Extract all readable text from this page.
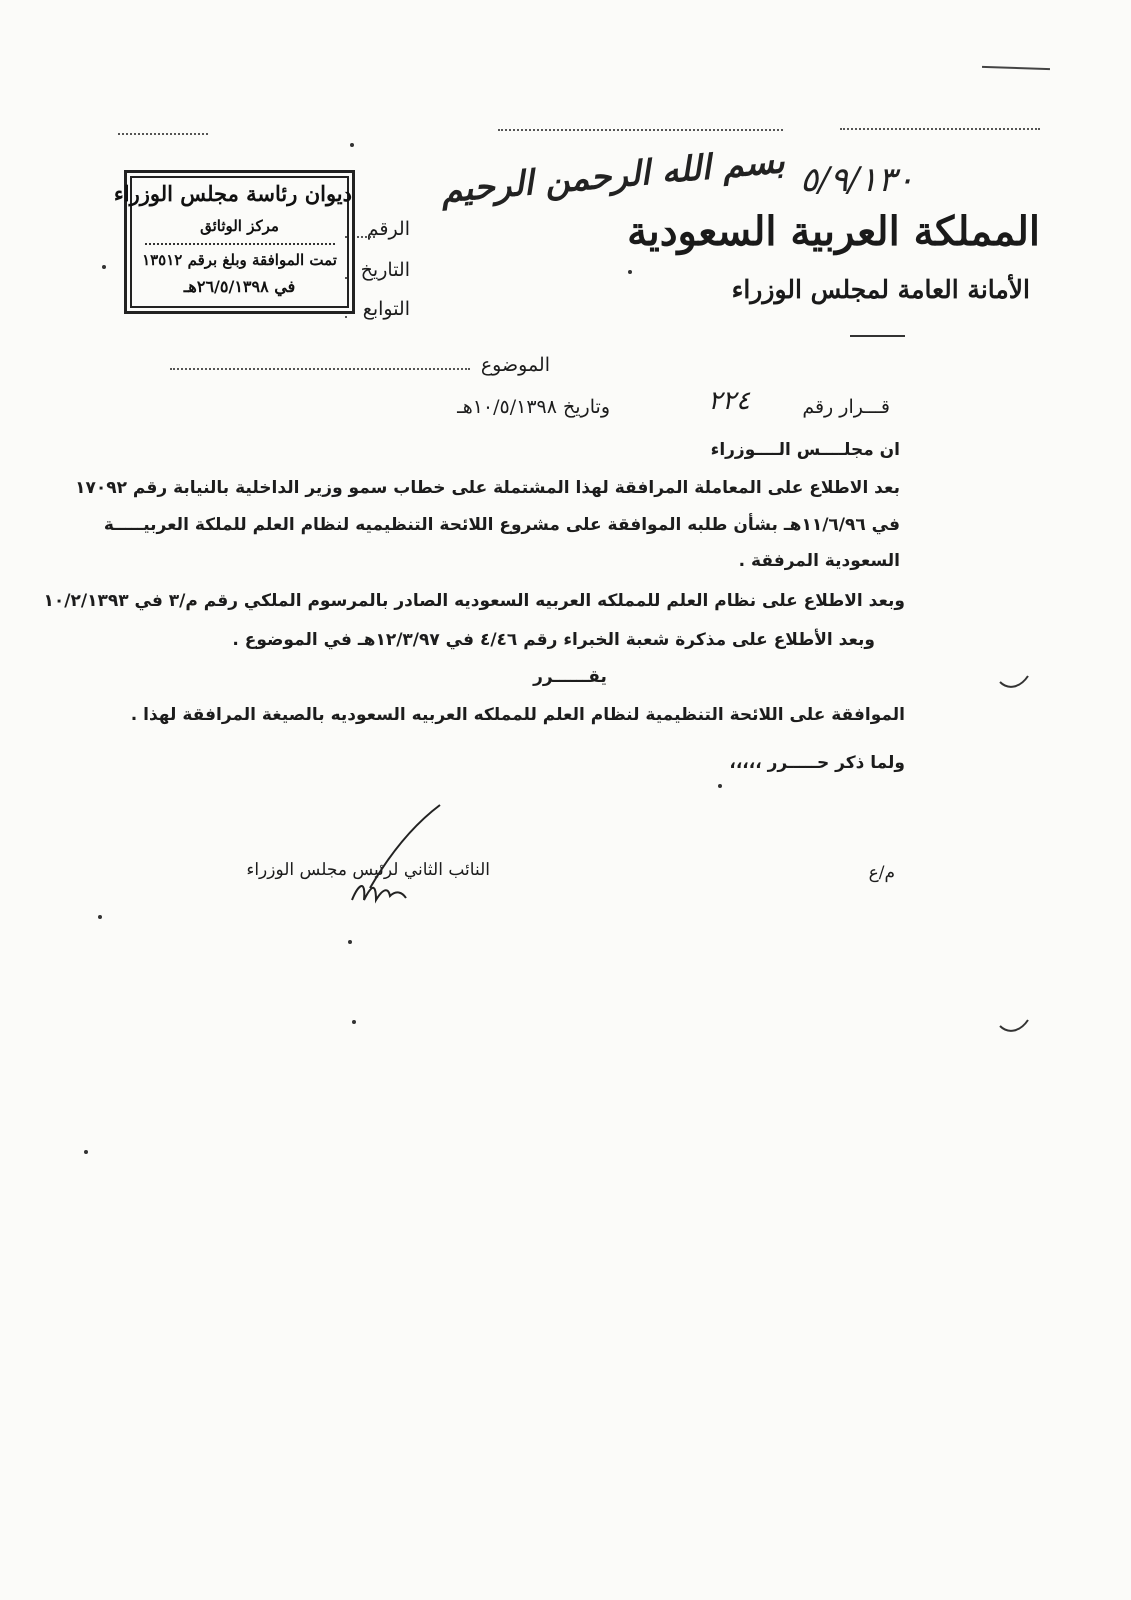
بسم الله الرحمن الرحيم ٥/٩/١٣٠
المملكة العربية السعودية
الأمانة العامة لمجلس الوزراء
الرقم
التاريخ
التوابع
ديوان رئاسة مجلس الوزراء
مركز الوثائق
تمت الموافقة وبلغ برقم ١٣٥١٢
في ٢٦/٥/١٣٩٨هـ
الموضوع
قـــرار رقم
٢٢٤
وتاريخ ١٠/٥/١٣٩٨هـ
ان مجلــــس الــــوزراء
بعد الاطلاع على المعاملة المرافقة لهذا المشتملة على خطاب سمو وزير الداخلية بالنيابة رقم ١٧٠٩٢
في ١١/٦/٩٦هـ بشأن طلبه الموافقة على مشروع اللائحة التنظيميه لنظام العلم للملكة العربيـــــة
السعودية المرفقة .
وبعد الاطلاع على نظام العلم للمملكه العربيه السعوديه الصادر بالمرسوم الملكي رقم م/٣ في ١٠/٢/١٣٩٣
وبعد الأطلاع على مذكرة شعبة الخبراء رقم ٤/٤٦ في ١٢/٣/٩٧هـ في الموضوع .
يقــــــرر
الموافقة على اللائحة التنظيمية لنظام العلم للمملكه العربيه السعوديه بالصيغة المرافقة لهذا .
ولما ذكر حـــــرر ،،،،،
النائب الثاني لرئيس مجلس الوزراء	م/ع
